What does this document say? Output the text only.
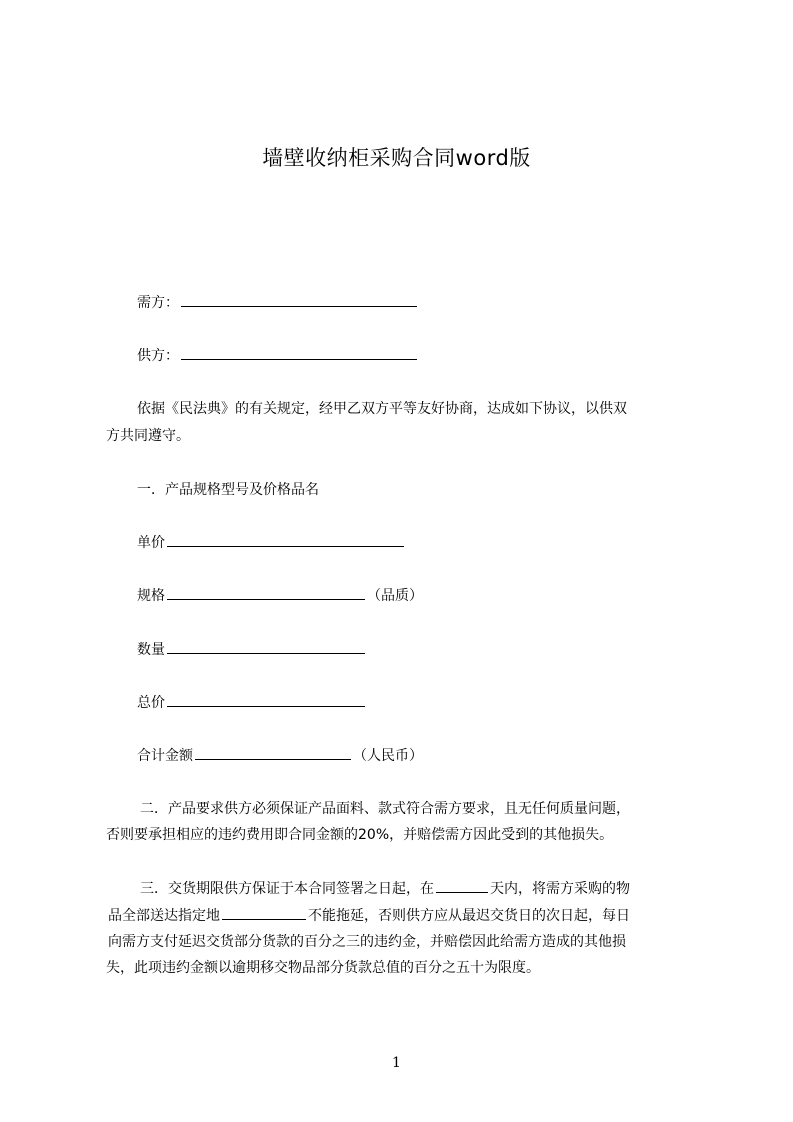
墙壁收纳柜采购合同word版
需方：
供方：
依据《民法典》的有关规定，经甲乙双方平等友好协商，达成如下协议，以供双
方共同遵守。
一．产品规格型号及价格品名
单价
规格	（品质）
数量
总价
合计金额	（人民币）
二．产品要求供方必须保证产品面料、款式符合需方要求，且无任何质量问题，
否则要承担相应的违约费用即合同金额的20%，并赔偿需方因此受到的其他损失。
三．交货期限供方保证于本合同签署之日起，在	天内，将需方采购的物
品全部送达指定地	不能拖延，否则供方应从最迟交货日的次日起，每日
向需方支付延迟交货部分货款的百分之三的违约金，并赔偿因此给需方造成的其他损
失，此项违约金额以逾期移交物品部分货款总值的百分之五十为限度。
1
